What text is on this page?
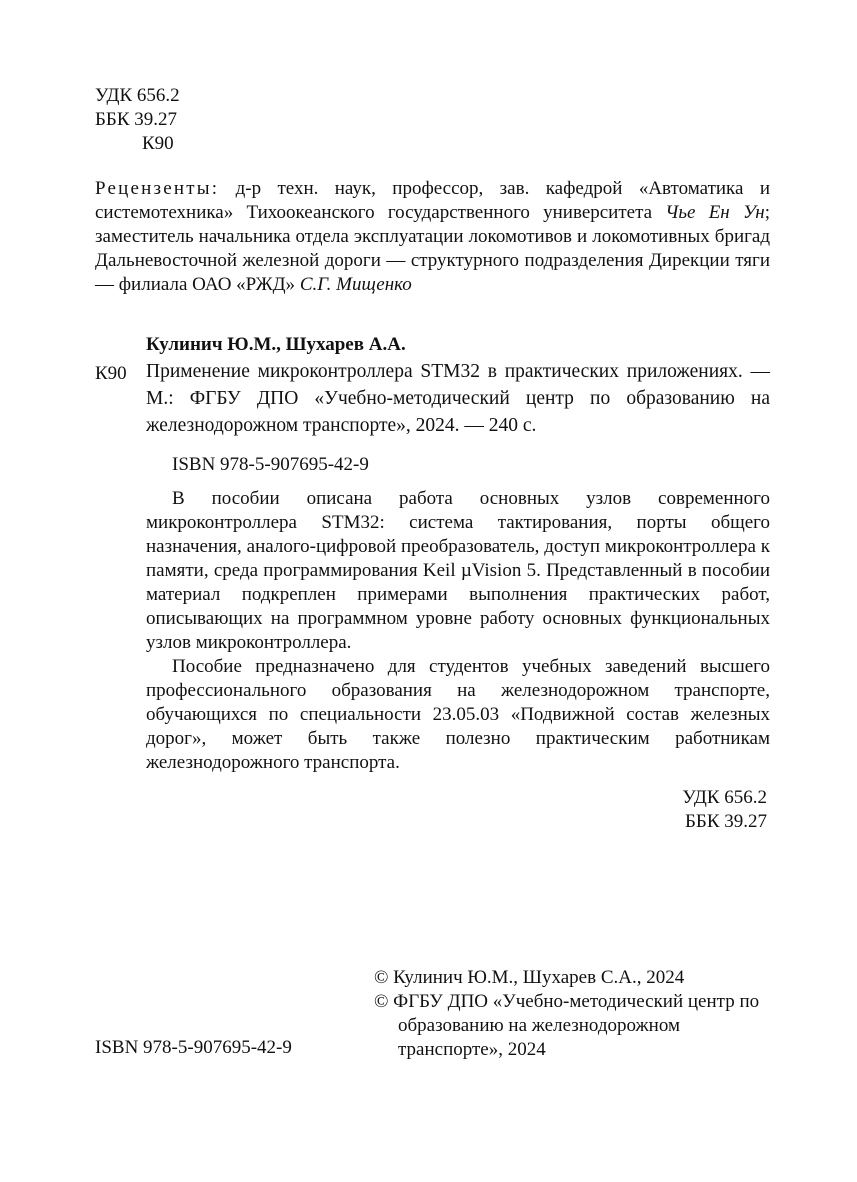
УДК 656.2
ББК 39.27
К90
Рецензенты: д-р техн. наук, профессор, зав. кафедрой «Автоматика и системотехника» Тихоокеанского государственного университета Чье Ен Ун; заместитель начальника отдела эксплуатации локомотивов и локомотивных бригад Дальневосточной железной дороги — структурного подразделения Дирекции тяги — филиала ОАО «РЖД» С.Г. Мищенко
Кулинич Ю.М., Шухарев А.А.
К90 Применение микроконтроллера STM32 в практических приложениях. — М.: ФГБУ ДПО «Учебно-методический центр по образованию на железнодорожном транспорте», 2024. — 240 с.
ISBN 978-5-907695-42-9

В пособии описана работа основных узлов современного микроконтроллера STM32: система тактирования, порты общего назначения, аналого-цифровой преобразователь, доступ микроконтроллера к памяти, среда программирования Keil µVision 5. Представленный в пособии материал подкреплен примерами выполнения практических работ, описывающих на программном уровне работу основных функциональных узлов микроконтроллера.

Пособие предназначено для студентов учебных заведений высшего профессионального образования на железнодорожном транспорте, обучающихся по специальности 23.05.03 «Подвижной состав железных дорог», может быть также полезно практическим работникам железнодорожного транспорта.

УДК 656.2
ББК 39.27
© Кулинич Ю.М., Шухарев С.А., 2024
© ФГБУ ДПО «Учебно-методический центр по образованию на железнодорожном транспорте», 2024
ISBN 978-5-907695-42-9
